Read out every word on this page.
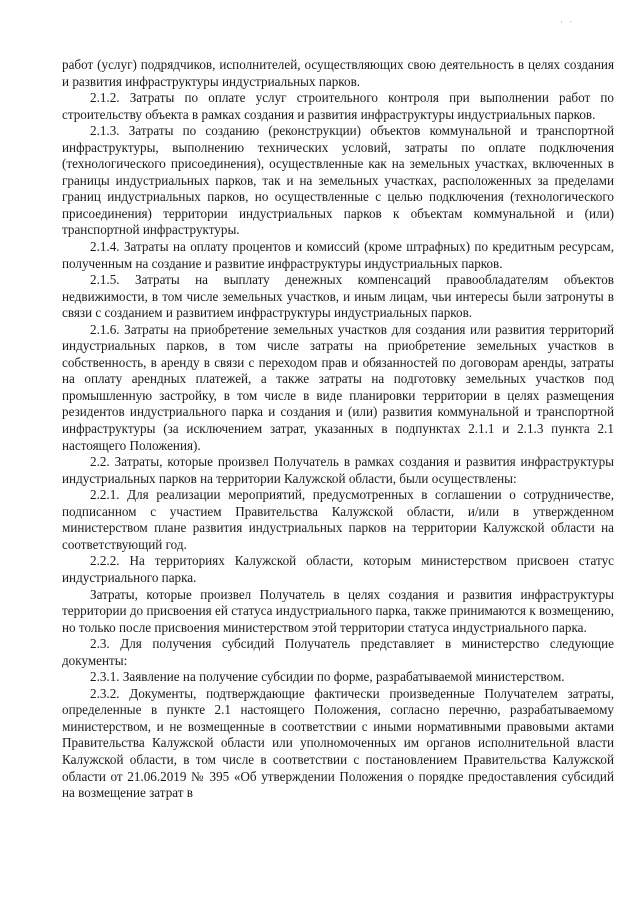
· ·

работ (услуг) подрядчиков, исполнителей, осуществляющих свою деятельность в целях создания и развития инфраструктуры индустриальных парков.

2.1.2. Затраты по оплате услуг строительного контроля при выполнении работ по строительству объекта в рамках создания и развития инфраструктуры индустриальных парков.

2.1.3. Затраты по созданию (реконструкции) объектов коммунальной и транспортной инфраструктуры, выполнению технических условий, затраты по оплате подключения (технологического присоединения), осуществленные как на земельных участках, включенных в границы индустриальных парков, так и на земельных участках, расположенных за пределами границ индустриальных парков, но осуществленные с целью подключения (технологического присоединения) территории индустриальных парков к объектам коммунальной и (или) транспортной инфраструктуры.

2.1.4. Затраты на оплату процентов и комиссий (кроме штрафных) по кредитным ресурсам, полученным на создание и развитие инфраструктуры индустриальных парков.

2.1.5. Затраты на выплату денежных компенсаций правообладателям объектов недвижимости, в том числе земельных участков, и иным лицам, чьи интересы были затронуты в связи с созданием и развитием инфраструктуры индустриальных парков.

2.1.6. Затраты на приобретение земельных участков для создания или развития территорий индустриальных парков, в том числе затраты на приобретение земельных участков в собственность, в аренду в связи с переходом прав и обязанностей по договорам аренды, затраты на оплату арендных платежей, а также затраты на подготовку земельных участков под промышленную застройку, в том числе в виде планировки территории в целях размещения резидентов индустриального парка и создания и (или) развития коммунальной и транспортной инфраструктуры (за исключением затрат, указанных в подпунктах 2.1.1 и 2.1.3 пункта 2.1 настоящего Положения).

2.2. Затраты, которые произвел Получатель в рамках создания и развития инфраструктуры индустриальных парков на территории Калужской области, были осуществлены:

2.2.1. Для реализации мероприятий, предусмотренных в соглашении о сотрудничестве, подписанном с участием Правительства Калужской области, и/или в утвержденном министерством плане развития индустриальных парков на территории Калужской области на соответствующий год.

2.2.2. На территориях Калужской области, которым министерством присвоен статус индустриального парка.

Затраты, которые произвел Получатель в целях создания и развития инфраструктуры территории до присвоения ей статуса индустриального парка, также принимаются к возмещению, но только после присвоения министерством этой территории статуса индустриального парка.

2.3. Для получения субсидий Получатель представляет в министерство следующие документы:

2.3.1. Заявление на получение субсидии по форме, разрабатываемой министерством.

2.3.2. Документы, подтверждающие фактически произведенные Получателем затраты, определенные в пункте 2.1 настоящего Положения, согласно перечню, разрабатываемому министерством, и не возмещенные в соответствии с иными нормативными правовыми актами Правительства Калужской области или уполномоченных им органов исполнительной власти Калужской области, в том числе в соответствии с постановлением Правительства Калужской области от 21.06.2019 № 395 «Об утверждении Положения о порядке предоставления субсидий на возмещение затрат в
